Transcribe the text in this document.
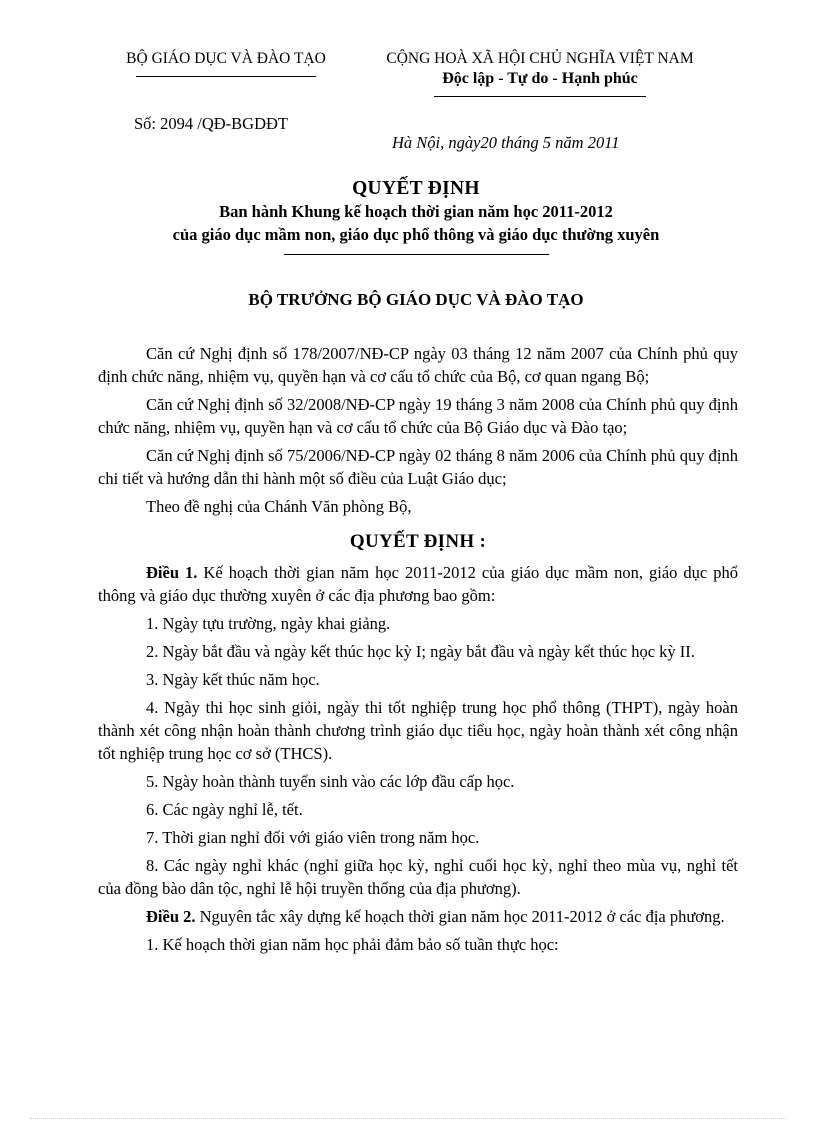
BỘ GIÁO DỤC VÀ ĐÀO TẠO	CỘNG HOÀ XÃ HỘI CHỦ NGHĨA VIỆT NAM
Độc lập - Tự do - Hạnh phúc
Số: 2094 /QĐ-BGDĐT
Hà Nội, ngày20 tháng 5 năm 2011
QUYẾT ĐỊNH
Ban hành Khung kế hoạch thời gian năm học 2011-2012
của giáo dục mầm non, giáo dục phổ thông và giáo dục thường xuyên
BỘ TRƯỞNG BỘ GIÁO DỤC VÀ ĐÀO TẠO

Căn cứ Nghị định số 178/2007/NĐ-CP ngày 03 tháng 12 năm 2007 của Chính phủ quy định chức năng, nhiệm vụ, quyền hạn và cơ cấu tổ chức của Bộ, cơ quan ngang Bộ;

Căn cứ Nghị định số 32/2008/NĐ-CP ngày 19 tháng 3 năm 2008 của Chính phủ quy định chức năng, nhiệm vụ, quyền hạn và cơ cấu tổ chức của Bộ Giáo dục và Đào tạo;

Căn cứ Nghị định số 75/2006/NĐ-CP ngày 02 tháng 8 năm 2006 của Chính phủ quy định chi tiết và hướng dẫn thi hành một số điều của Luật Giáo dục;

Theo đề nghị của Chánh Văn phòng Bộ,

QUYẾT ĐỊNH :

Điều 1. Kế hoạch thời gian năm học 2011-2012 của giáo dục mầm non, giáo dục phổ thông và giáo dục thường xuyên ở các địa phương bao gồm:

1. Ngày tựu trường, ngày khai giảng.

2. Ngày bắt đầu và ngày kết thúc học kỳ I; ngày bắt đầu và ngày kết thúc học kỳ II.

3. Ngày kết thúc năm học.

4. Ngày thi học sinh giỏi, ngày thi tốt nghiệp trung học phổ thông (THPT), ngày hoàn thành xét công nhận hoàn thành chương trình giáo dục tiểu học, ngày hoàn thành xét công nhận tốt nghiệp trung học cơ sở (THCS).

5. Ngày hoàn thành tuyển sinh vào các lớp đầu cấp học.

6. Các ngày nghỉ lễ, tết.

7. Thời gian nghỉ đối với giáo viên trong năm học.

8. Các ngày nghỉ khác (nghỉ giữa học kỳ, nghỉ cuối học kỳ, nghỉ theo mùa vụ, nghỉ tết của đồng bào dân tộc, nghỉ lễ hội truyền thống của địa phương).

Điều 2. Nguyên tắc xây dựng kế hoạch thời gian năm học 2011-2012 ở các địa phương.

1. Kế hoạch thời gian năm học phải đảm bảo số tuần thực học:
